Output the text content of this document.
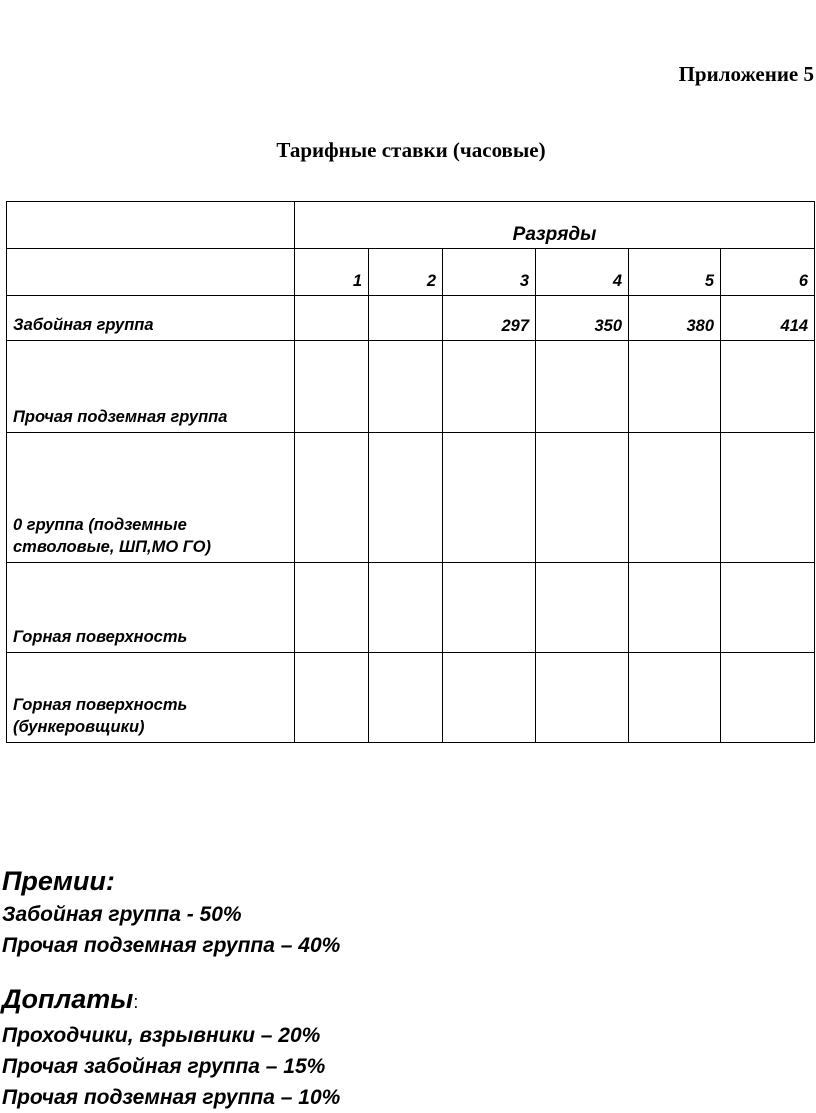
Приложение 5
Тарифные ставки (часовые)
	Разряды					
	1	2	3	4	5	6
Забойная группа			297	350	380	414
Прочая подземная группа						
0 группа (подземные стволовые, ШП,МО ГО)						
Горная поверхность						
Горная поверхность (бункеровщики)						
Премии:
Забойная группа - 50%
Прочая подземная группа – 40%
Доплаты:
Проходчики, взрывники – 20%
Прочая забойная группа – 15%
Прочая подземная группа – 10%
